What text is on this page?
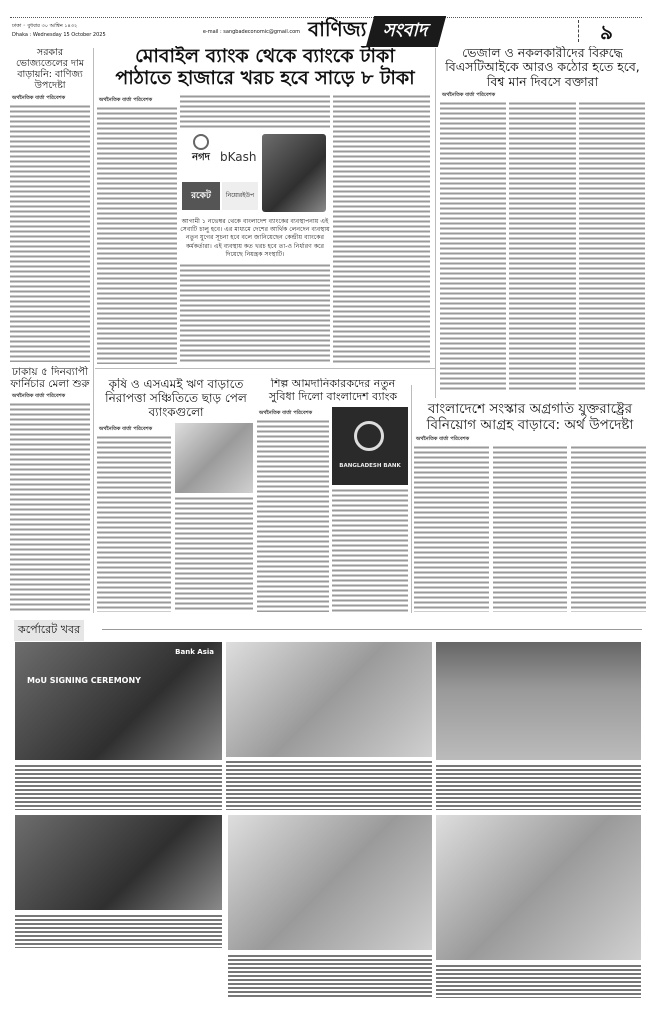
ঢাকা ◦ বুধবার ৩০ আশ্বিন ১৪৩২
Dhaka : Wednesday 15 October 2025	e-mail : sangbadeconomic@gmail.com বাণিজ্য সংবাদ	৯
সরকার ভোজ্যতেলের দাম বাড়ায়নি: বাণিজ্য উপদেষ্টা
অর্থনৈতিক বার্তা পরিবেশক
ঢাকায় ৫ দিনব্যাপী ফার্নিচার মেলা শুরু
অর্থনৈতিক বার্তা পরিবেশক
মোবাইল ব্যাংক থেকে ব্যাংকে টাকা
পাঠাতে হাজারে খরচ হবে সাড়ে ৮ টাকা
অর্থনৈতিক বার্তা পরিবেশক
নগদ bKash
রকেট	নিয়োরইউপ
আগামী ১ নভেম্বর থেকে বাংলাদেশ ব্যাংকের ব্যবস্থাপনায় এই সেবাটি চালু হবে। এর মাধ্যমে দেশের আর্থিক লেনদেন ব্যবস্থায় নতুন যুগের সূচনা হবে বলে জানিয়েছেন কেন্দ্রীয় ব্যাংকের কর্মকর্তারা। এই ব্যবস্থায় কত খরচ হবে তা-ও নির্ধারণ করে দিয়েছে নিয়ন্ত্রক সংস্থাটি।
ভেজাল ও নকলকারীদের বিরুদ্ধে বিএসটিআইকে আরও কঠোর হতে হবে, বিশ্ব মান দিবসে বক্তারা
অর্থনৈতিক বার্তা পরিবেশক
কৃষি ও এসএমই ঋণ বাড়াতে নিরাপত্তা সঞ্চিতিতে ছাড় পেল ব্যাংকগুলো
অর্থনৈতিক বার্তা পরিবেশক
শিল্প আমদানিকারকদের নতুন সুবিধা দিলো বাংলাদেশ ব্যাংক
অর্থনৈতিক বার্তা পরিবেশক
BANGLADESH BANK
বাংলাদেশে সংস্কার অগ্রগতি যুক্তরাষ্ট্রের বিনিয়োগ আগ্রহ বাড়াবে: অর্থ উপদেষ্টা
অর্থনৈতিক বার্তা পরিবেশক
কর্পোরেট খবর
Bank Asia
MoU SIGNING CEREMONY
